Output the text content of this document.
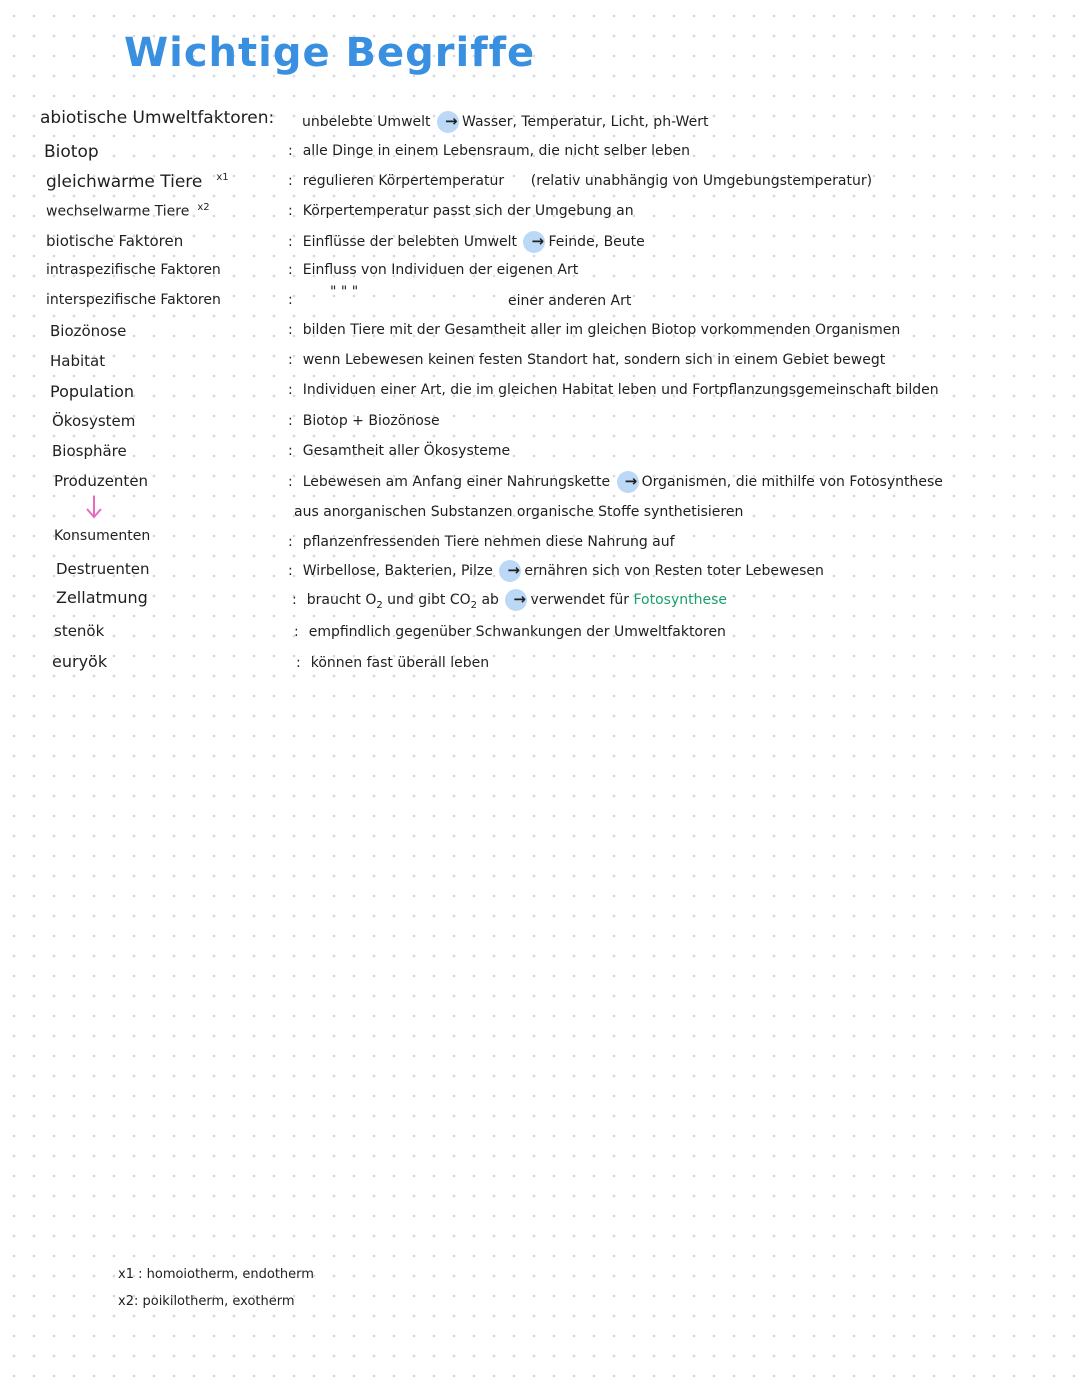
Wichtige Begriffe
abiotische Umweltfaktoren: unbelebte Umwelt → Wasser, Temperatur, Licht, ph-Wert
Biotop	: alle Dinge in einem Lebensraum, die nicht selber leben
gleichwarme Tiere $^{x1}$	: regulieren Körpertemperatur (relativ unabhängig von Umgebungstemperatur)
wechselwarme Tiere $^{x2}$	: Körpertemperatur passt sich der Umgebung an
biotische Faktoren	: Einflüsse der belebten Umwelt → Feinde, Beute
intraspezifische Faktoren	: Einfluss von Individuen der eigenen Art
interspezifische Faktoren	:	" " "
einer anderen Art
Biozönose	: bilden Tiere mit der Gesamtheit aller im gleichen Biotop vorkommenden Organismen
Habitat	: wenn Lebewesen keinen festen Standort hat, sondern sich in einem Gebiet bewegt
Population	: Individuen einer Art, die im gleichen Habitat leben und Fortpflanzungsgemeinschaft bilden
Ökosystem	: Biotop + Biozönose
Biosphäre	: Gesamtheit aller Ökosysteme
Produzenten	: Lebewesen am Anfang einer Nahrungskette → Organismen, die mithilfe von Fotosynthese
aus anorganischen Substanzen organische Stoffe synthetisieren
Konsumenten	: pflanzenfressenden Tiere nehmen diese Nahrung auf
Destruenten	: Wirbellose, Bakterien, Pilze → ernähren sich von Resten toter Lebewesen
Zellatmung	: braucht $O_2$ und gibt $CO_2$ ab → verwendet für Fotosynthese
stenök	: empfindlich gegenüber Schwankungen der Umweltfaktoren
euryök	: können fast überall leben
x1 : homoiotherm, endotherm
x2: poikilotherm, exotherm
